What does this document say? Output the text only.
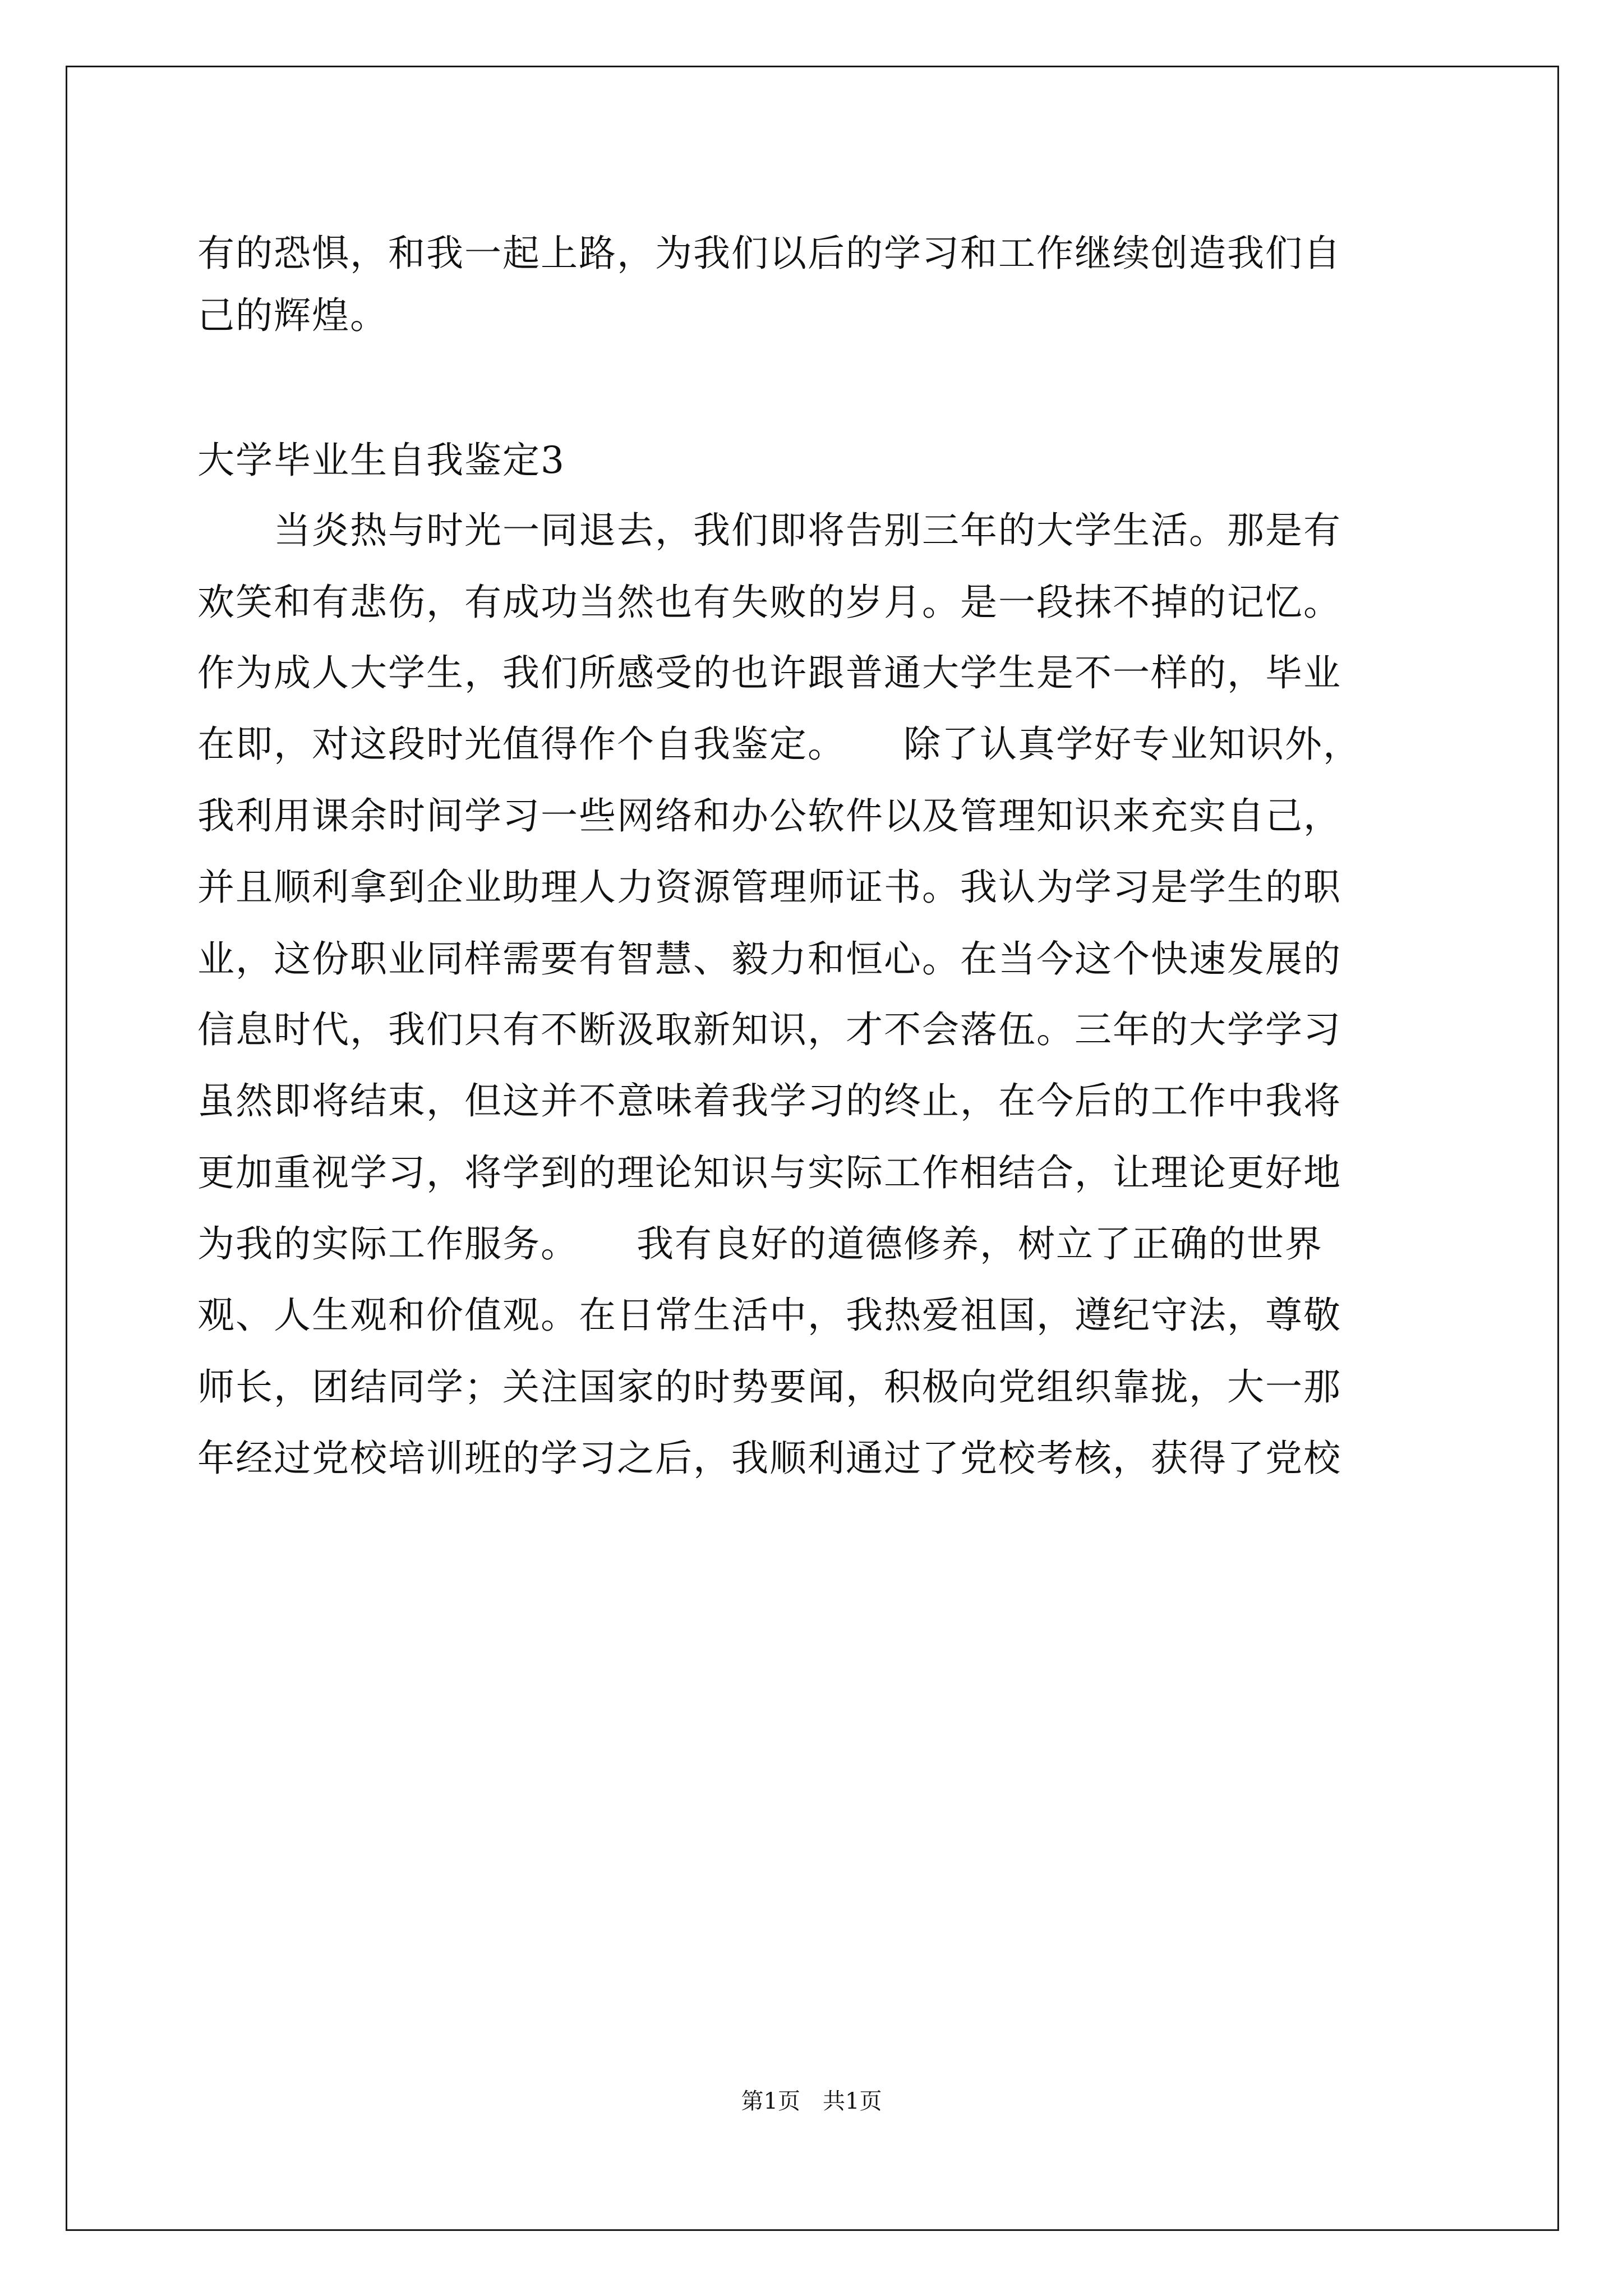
有的恐惧，和我一起上路，为我们以后的学习和工作继续创造我们自

己的辉煌。

大学毕业生自我鉴定3

　　当炎热与时光一同退去，我们即将告别三年的大学生活。那是有

欢笑和有悲伤，有成功当然也有失败的岁月。是一段抹不掉的记忆。

作为成人大学生，我们所感受的也许跟普通大学生是不一样的，毕业

在即，对这段时光值得作个自我鉴定。　　除了认真学好专业知识外，

我利用课余时间学习一些网络和办公软件以及管理知识来充实自己，

并且顺利拿到企业助理人力资源管理师证书。我认为学习是学生的职

业，这份职业同样需要有智慧、毅力和恒心。在当今这个快速发展的

信息时代，我们只有不断汲取新知识，才不会落伍。三年的大学学习

虽然即将结束，但这并不意味着我学习的终止，在今后的工作中我将

更加重视学习，将学到的理论知识与实际工作相结合，让理论更好地

为我的实际工作服务。　　我有良好的道德修养，树立了正确的世界

观、人生观和价值观。在日常生活中，我热爱祖国，遵纪守法，尊敬

师长，团结同学；关注国家的时势要闻，积极向党组织靠拢，大一那

年经过党校培训班的学习之后，我顺利通过了党校考核，获得了党校

第1页　共1页
